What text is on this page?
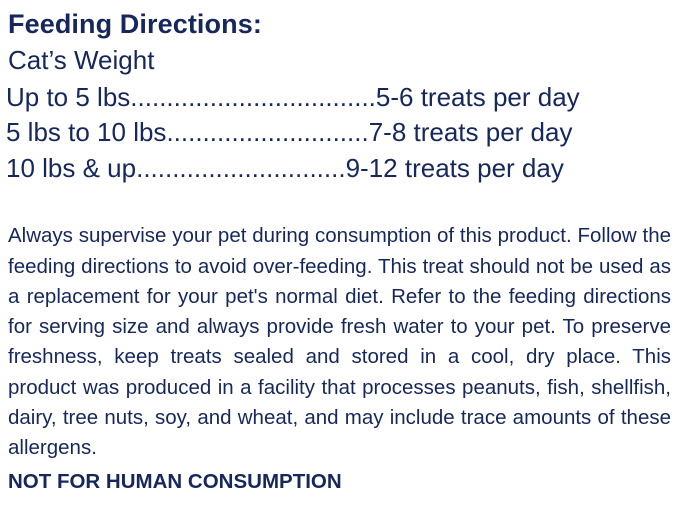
Feeding Directions:
Cat’s Weight
Up to 5 lbs .................................. 5-6 treats per day
5 lbs to 10 lbs ............................ 7-8 treats per day
10 lbs & up ............................. 9-12 treats per day
Always supervise your pet during consumption of this product. Follow the feeding directions to avoid over-feeding. This treat should not be used as a replacement for your pet's normal diet. Refer to the feeding directions for serving size and always provide fresh water to your pet. To preserve freshness, keep treats sealed and stored in a cool, dry place. This product was produced in a facility that processes peanuts, fish, shellfish, dairy, tree nuts, soy, and wheat, and may include trace amounts of these allergens.
NOT FOR HUMAN CONSUMPTION
